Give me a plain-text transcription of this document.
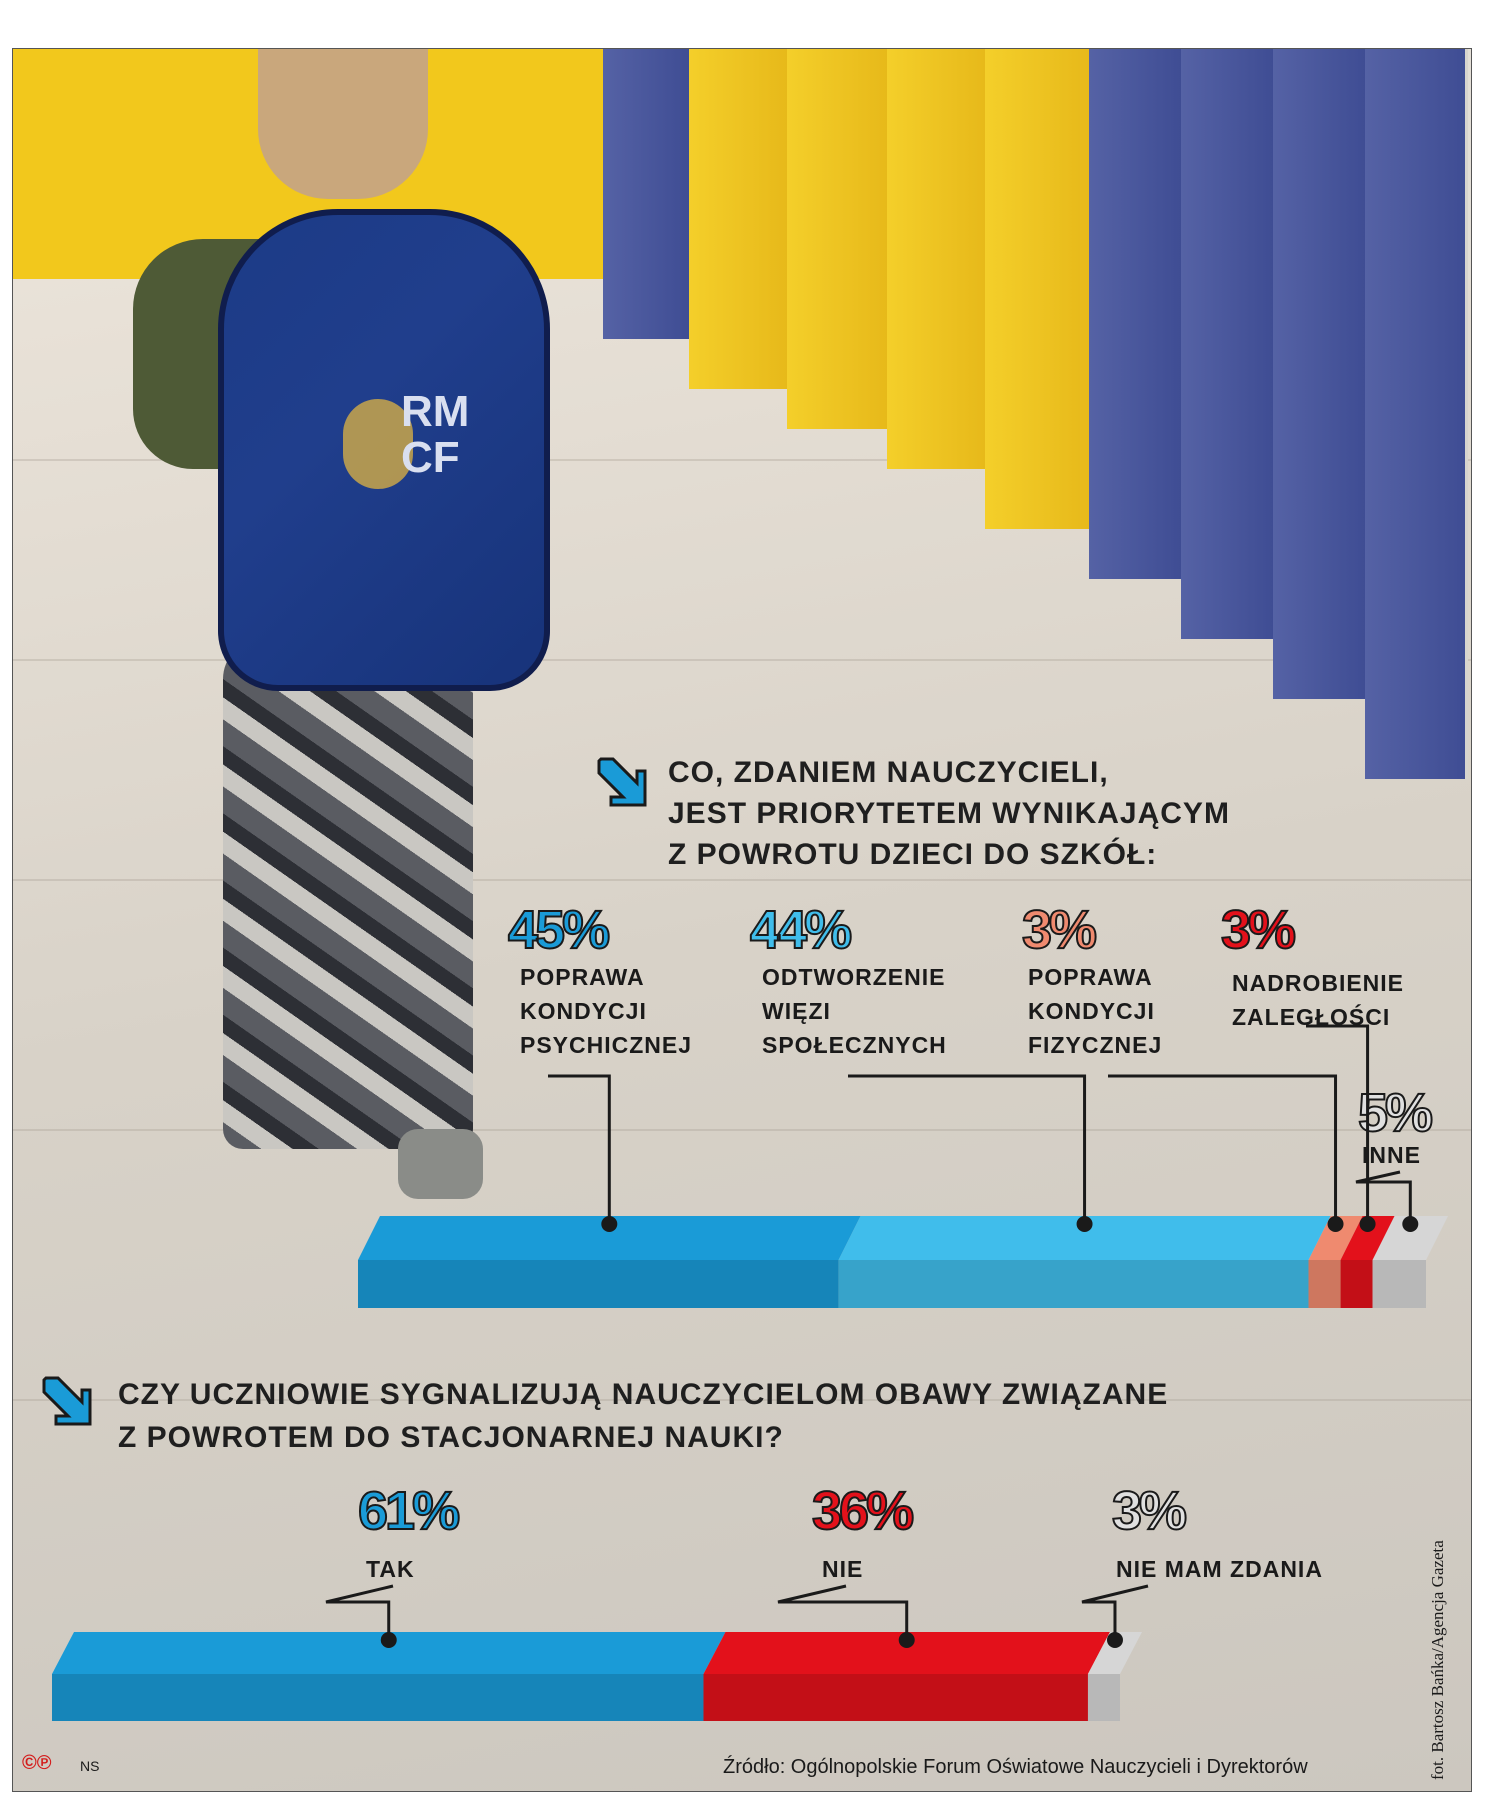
RM
CF
CO, ZDANIEM NAUCZYCIELI,
JEST PRIORYTETEM WYNIKAJĄCYM
Z POWROTU DZIECI DO SZKÓŁ:
45%	44%	3% 3%
5%

POPRAWA
KONDYCJI
PSYCHICZNEJ

ODTWORZENIE
WIĘZI
SPOŁECZNYCH

POPRAWA
KONDYCJI
FIZYCZNEJ

NADROBIENIE
ZALEGŁOŚCI

INNE

CZY UCZNIOWIE SYGNALIZUJĄ NAUCZYCIELOM OBAWY ZWIĄZANE
Z POWROTEM DO STACJONARNEJ NAUKI?
61%	36%	3%

TAK	NIE	NIE MAM ZDANIA

©℗ NS	Źródło: Ogólnopolskie Forum Oświatowe Nauczycieli i Dyrektorów	fot. Bartosz Bańka/Agencja Gazeta
